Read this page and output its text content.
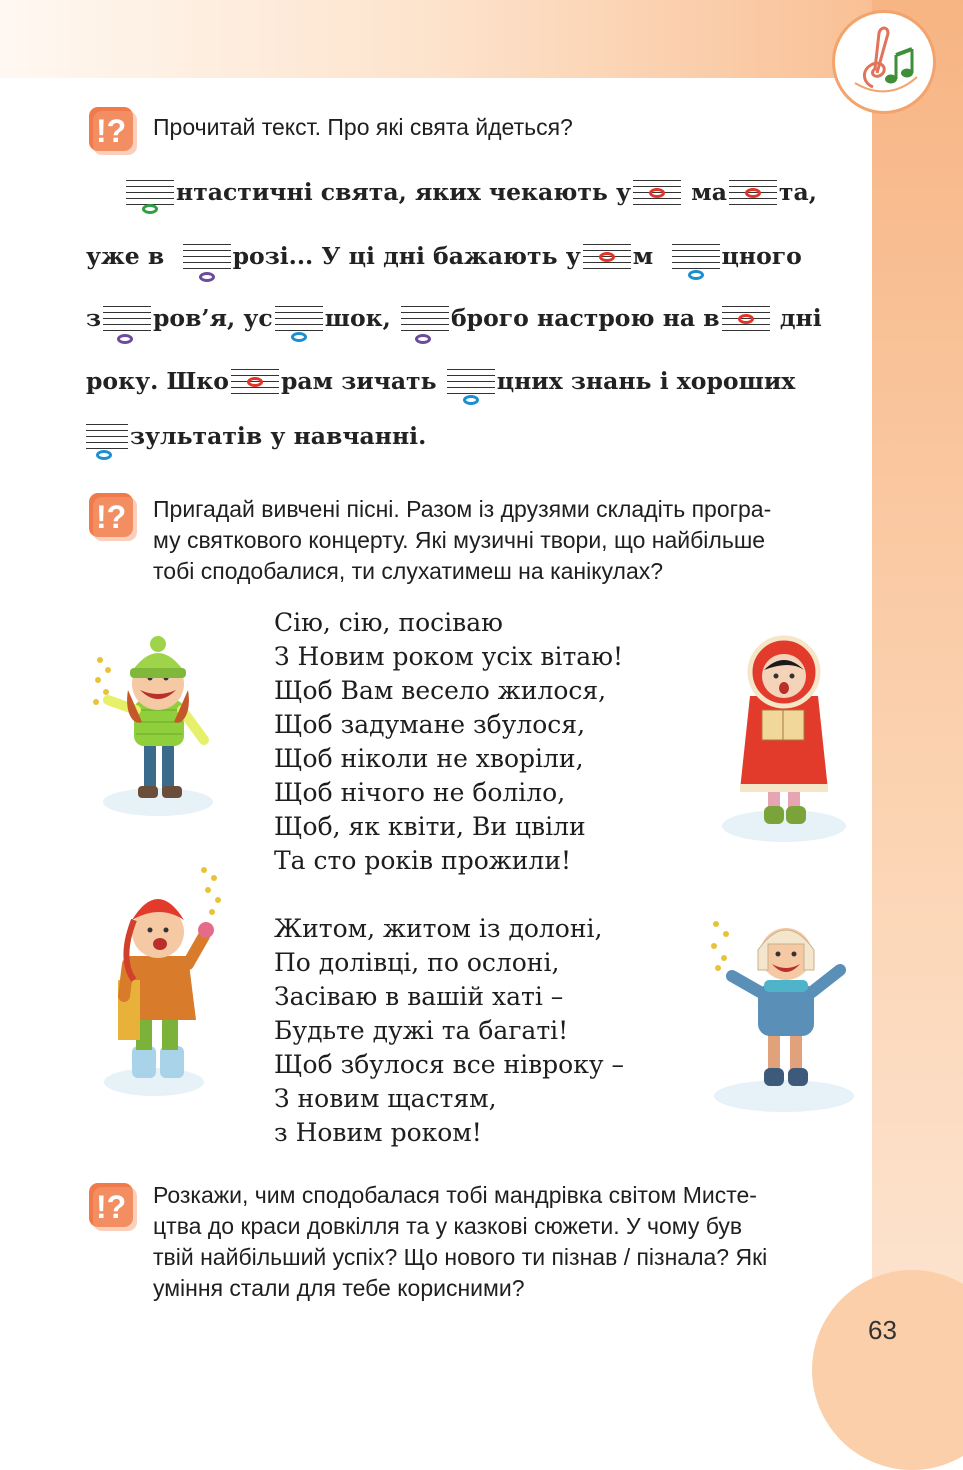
!? Прочитай текст. Про які свята йдеться?
нтастичні свята, яких чекають у	ма та,
уже в	розі... У ці дні бажають у м	цного
з ров’я, ус шок,	брого настрою на в	дні
року. Шко рам зичать	цних знань і хороших
зультатів у навчанні.
!? Пригадай вивчені пісні. Разом із друзями складіть програ-
му святкового концерту. Які музичні твори, що найбільше
тобі сподобалися, ти слухатимеш на канікулах?
Сію, сію, посіваю
З Новим роком усіх вітаю!
Щоб Вам весело жилося,
Щоб задумане збулося,
Щоб ніколи не хворіли,
Щоб нічого не боліло,
Щоб, як квіти, Ви цвіли
Та сто років прожили!
Житом, житом із долоні,
По долівці, по ослоні,
Засіваю в вашій хаті –
Будьте дужі та багаті!
Щоб збулося все нівроку –
З новим щастям,
з Новим роком!
!? Розкажи, чим сподобалася тобі мандрівка світом Мисте-
цтва до краси довкілля та у казкові сюжети. У чому був
твій найбільший успіх? Що нового ти пізнав / пізнала? Які
уміння стали для тебе корисними?
63
